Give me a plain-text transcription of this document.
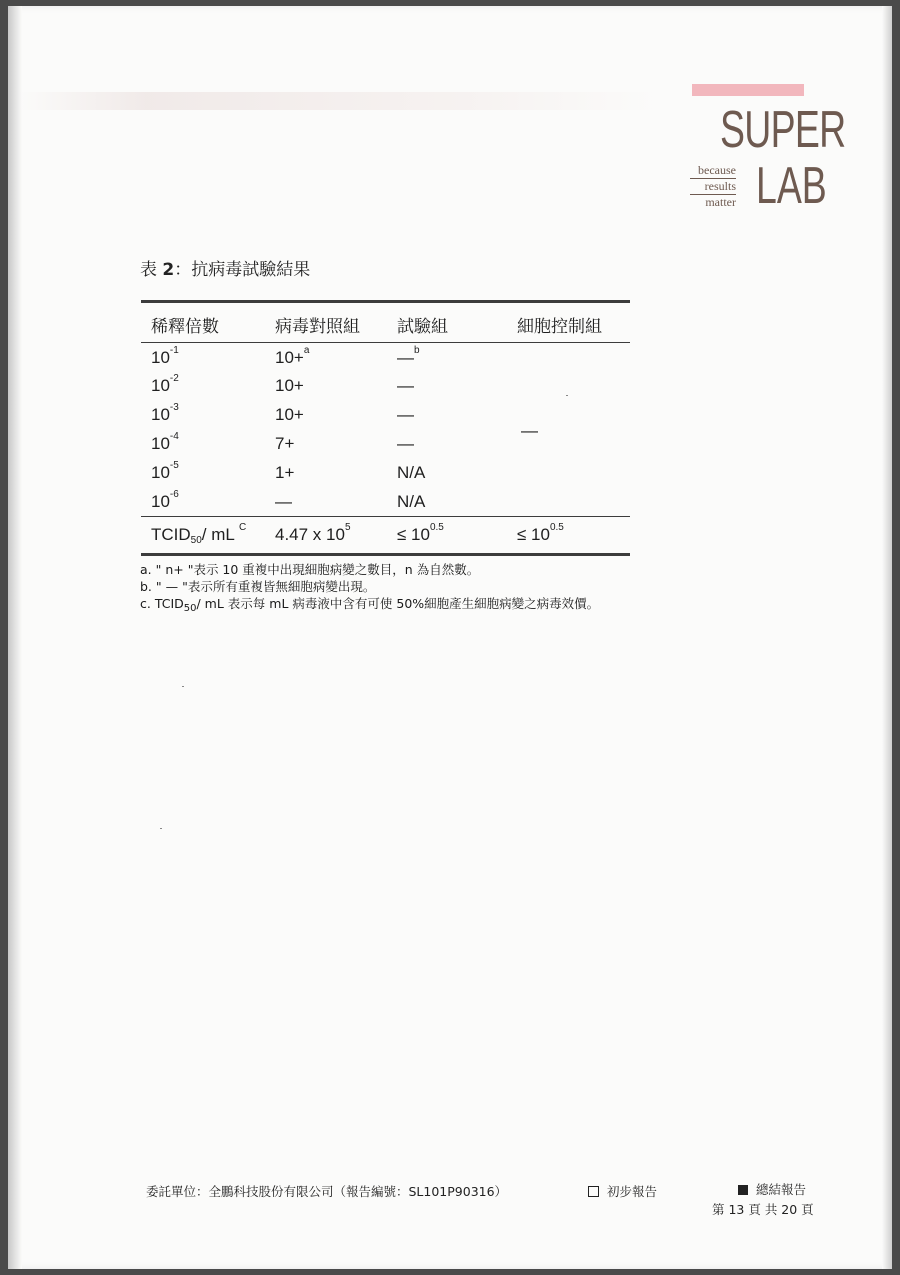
SUPER
LAB
because
results
matter
表 2：抗病毒試驗結果
稀釋倍數	病毒對照組	試驗組	細胞控制組
$10^{-1}$	10+$^a$	—$^b$	—
$10^{-2}$	10+	—	
$10^{-3}$	10+	—	
$10^{-4}$	7+	—	
$10^{-5}$	1+	N/A	
$10^{-6}$	—	N/A	
$TCID_{50}/$ mL $^C$	4.47 x $10^5$	≤ $10^{0.5}$	≤ $10^{0.5}$
a. " n+ "表示 10 重複中出現細胞病變之數目，n 為自然數。
b. " — "表示所有重複皆無細胞病變出現。
c. $TCID_{50}/$ mL 表示每 mL 病毒液中含有可使 50%細胞產生細胞病變之病毒效價。
委託單位：全鵬科技股份有限公司（報告編號：SL101P90316）	初步報告	總結報告
第 13 頁 共 20 頁
